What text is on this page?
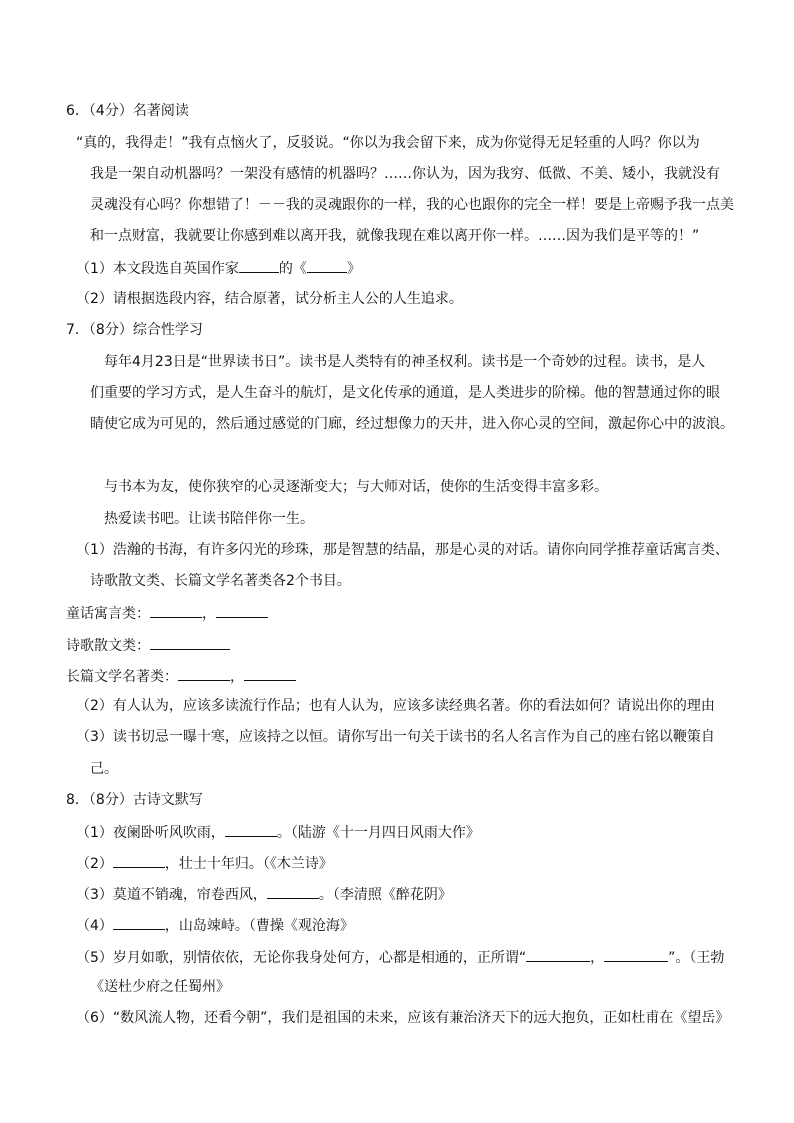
6．（4分）名著阅读
“真的，我得走！”我有点恼火了，反驳说。“你以为我会留下来，成为你觉得无足轻重的人吗？你以为
我是一架自动机器吗？一架没有感情的机器吗？……你认为，因为我穷、低微、不美、矮小，我就没有
灵魂没有心吗？你想错了！－－我的灵魂跟你的一样，我的心也跟你的完全一样！要是上帝赐予我一点美
和一点财富，我就要让你感到难以离开我，就像我现在难以离开你一样。……因为我们是平等的！”
（1）本文段选自英国作家	的《	》
（2）请根据选段内容，结合原著，试分析主人公的人生追求。
7．（8分）综合性学习
每年4月23日是“世界读书日”。读书是人类特有的神圣权利。读书是一个奇妙的过程。读书，是人
们重要的学习方式，是人生奋斗的航灯，是文化传承的通道，是人类进步的阶梯。他的智慧通过你的眼
睛使它成为可见的，然后通过感觉的门廊，经过想像力的天井，进入你心灵的空间，激起你心中的波浪。
与书本为友，使你狭窄的心灵逐渐变大；与大师对话，使你的生活变得丰富多彩。
热爱读书吧。让读书陪伴你一生。
（1）浩瀚的书海，有许多闪光的珍珠，那是智慧的结晶，那是心灵的对话。请你向同学推荐童话寓言类、
诗歌散文类、长篇文学名著类各2个书目。
童话寓言类：	，
诗歌散文类：
长篇文学名著类：	，
（2）有人认为，应该多读流行作品；也有人认为，应该多读经典名著。你的看法如何？请说出你的理由
（3）读书切忌一曝十寒，应该持之以恒。请你写出一句关于读书的名人名言作为自己的座右铭以鞭策自
己。
8．（8分）古诗文默写
（1）夜阑卧听风吹雨，	。（陆游《十一月四日风雨大作》
（2）	，壮士十年归。（《木兰诗》
（3）莫道不销魂，帘卷西风，	。（李清照《醉花阴》
（4）	，山岛竦峙。（曹操《观沧海》
（5）岁月如歌，别情依依，无论你我身处何方，心都是相通的，正所谓“	，	”。（王勃
《送杜少府之任蜀州》
（6）“数风流人物，还看今朝”，我们是祖国的未来，应该有兼治济天下的远大抱负，正如杜甫在《望岳》
